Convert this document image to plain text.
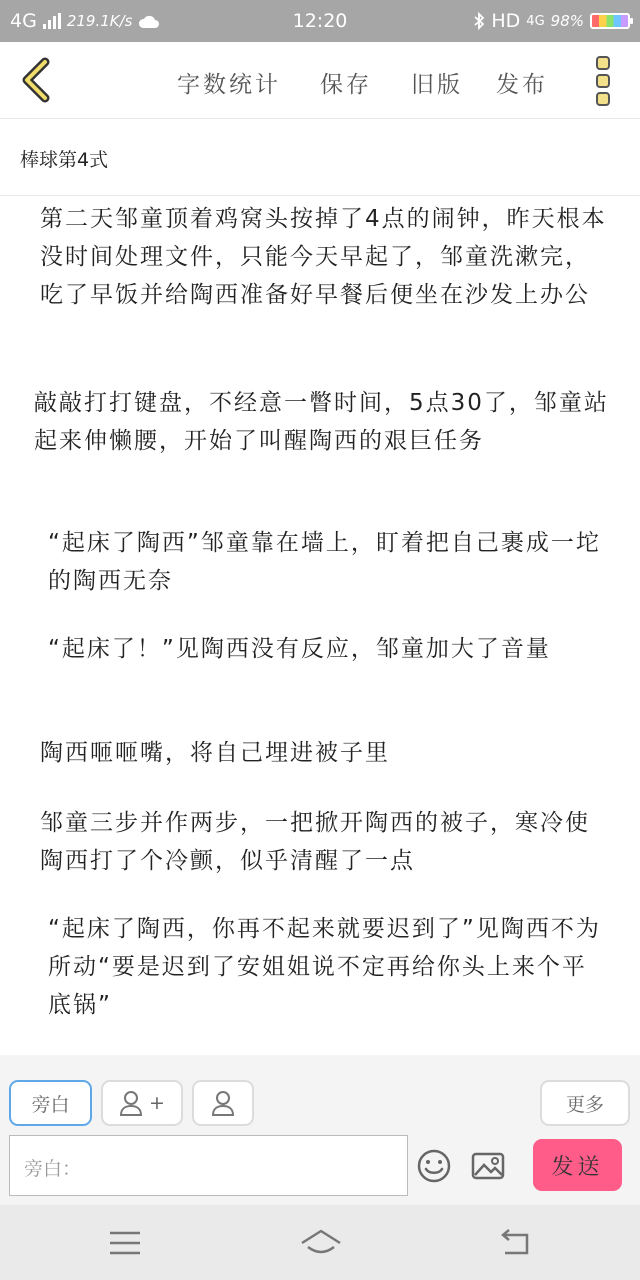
4G 219.1K/s	12:20	HD 4G 98%
字数统计 保存 旧版 发布
棒球第4式

第二天邹童顶着鸡窝头按掉了4点的闹钟，昨天根本没时间处理文件，只能今天早起了，邹童洗漱完，吃了早饭并给陶西准备好早餐后便坐在沙发上办公

敲敲打打键盘，不经意一瞥时间，5点30了，邹童站起来伸懒腰，开始了叫醒陶西的艰巨任务

“起床了陶西”邹童靠在墙上，盯着把自己裹成一坨的陶西无奈

“起床了！”见陶西没有反应，邹童加大了音量

陶西咂咂嘴，将自己埋进被子里

邹童三步并作两步，一把掀开陶西的被子，寒冷使陶西打了个冷颤，似乎清醒了一点

“起床了陶西，你再不起来就要迟到了”见陶西不为所动“要是迟到了安姐姐说不定再给你头上来个平底锅”

旁白	+	更多
旁白：	发送
